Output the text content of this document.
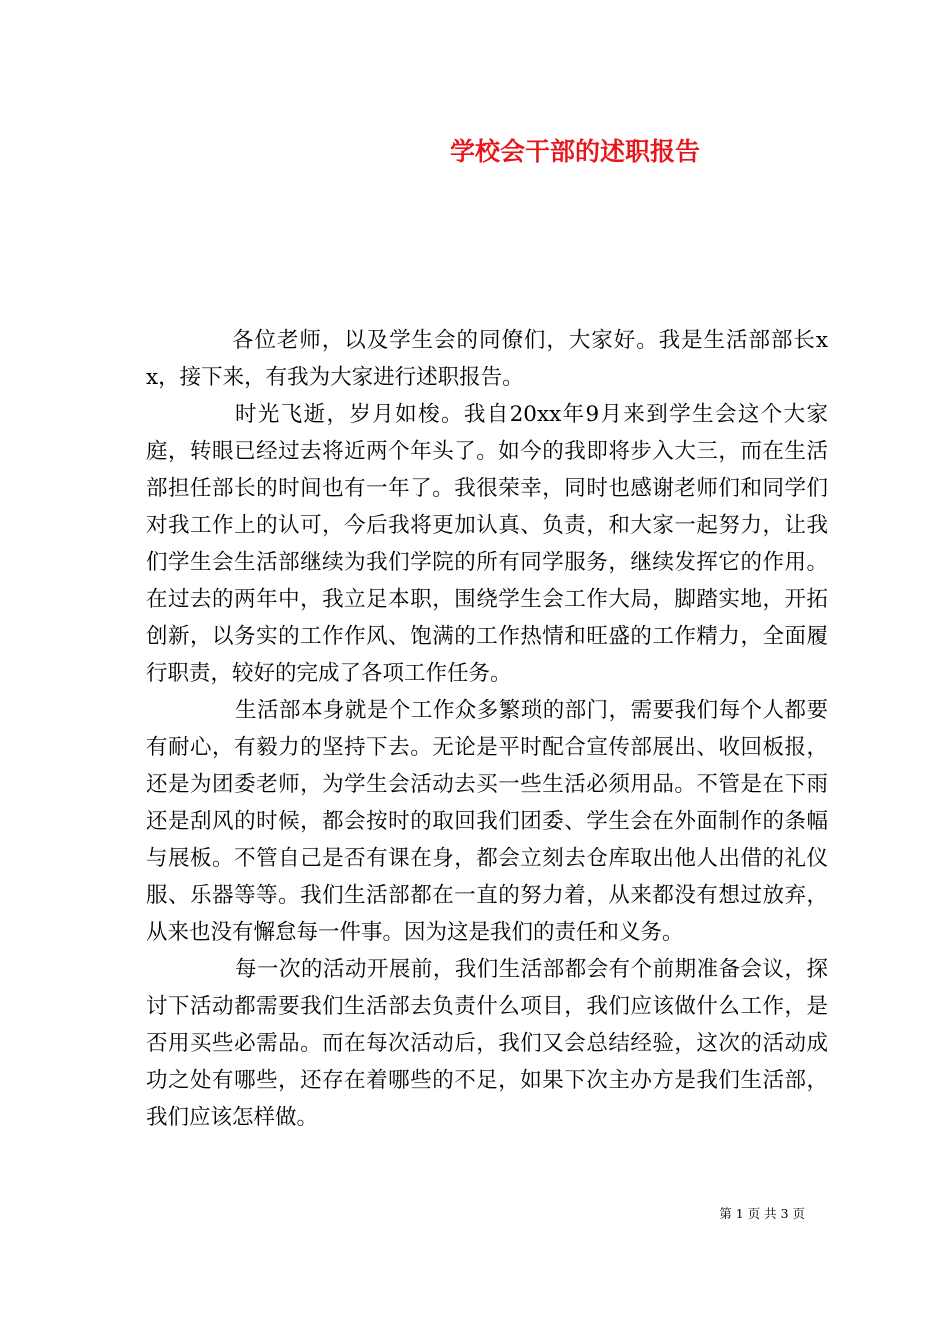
学校会干部的述职报告

各位老师，以及学生会的同僚们，大家好。我是生活部部长xx，接下来，有我为大家进行述职报告。

时光飞逝，岁月如梭。我自20xx年9月来到学生会这个大家庭，转眼已经过去将近两个年头了。如今的我即将步入大三，而在生活部担任部长的时间也有一年了。我很荣幸，同时也感谢老师们和同学们对我工作上的认可，今后我将更加认真、负责，和大家一起努力，让我们学生会生活部继续为我们学院的所有同学服务，继续发挥它的作用。在过去的两年中，我立足本职，围绕学生会工作大局，脚踏实地，开拓创新，以务实的工作作风、饱满的工作热情和旺盛的工作精力，全面履行职责，较好的完成了各项工作任务。

生活部本身就是个工作众多繁琐的部门，需要我们每个人都要有耐心，有毅力的坚持下去。无论是平时配合宣传部展出、收回板报，还是为团委老师，为学生会活动去买一些生活必须用品。不管是在下雨还是刮风的时候，都会按时的取回我们团委、学生会在外面制作的条幅与展板。不管自己是否有课在身，都会立刻去仓库取出他人出借的礼仪服、乐器等等。我们生活部都在一直的努力着，从来都没有想过放弃，从来也没有懈怠每一件事。因为这是我们的责任和义务。

每一次的活动开展前，我们生活部都会有个前期准备会议，探讨下活动都需要我们生活部去负责什么项目，我们应该做什么工作，是否用买些必需品。而在每次活动后，我们又会总结经验，这次的活动成功之处有哪些，还存在着哪些的不足，如果下次主办方是我们生活部，我们应该怎样做。

第 1 页 共 3 页
